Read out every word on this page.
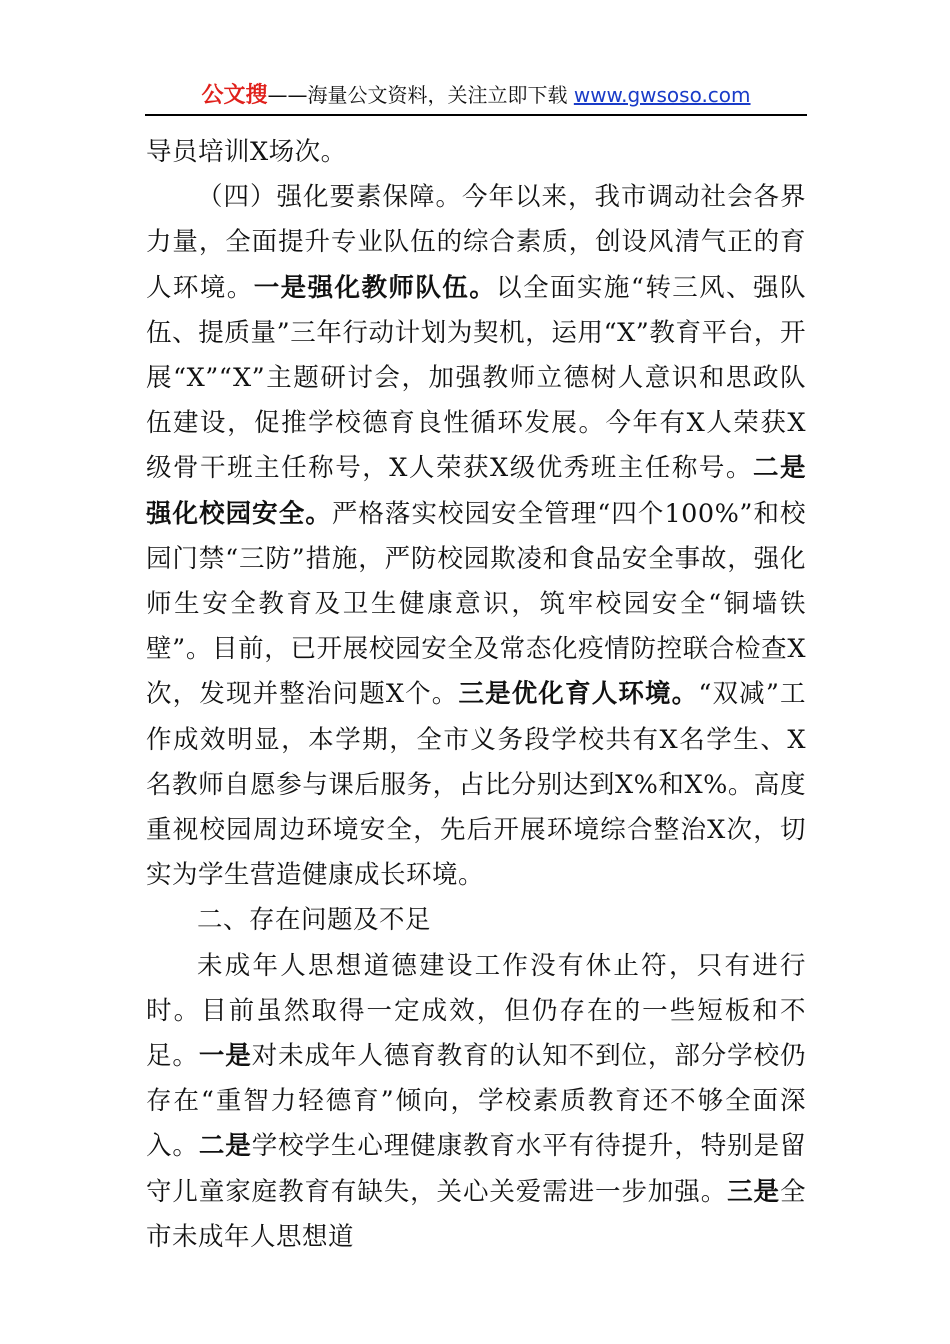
公文搜——海量公文资料，关注立即下载 www.gwsoso.com

导员培训X场次。

（四）强化要素保障。今年以来，我市调动社会各界力量，全面提升专业队伍的综合素质，创设风清气正的育人环境。一是强化教师队伍。以全面实施“转三风、强队伍、提质量”三年行动计划为契机，运用“X”教育平台，开展“X”“X”主题研讨会，加强教师立德树人意识和思政队伍建设，促推学校德育良性循环发展。今年有X人荣获X级骨干班主任称号，X人荣获X级优秀班主任称号。二是强化校园安全。严格落实校园安全管理“四个100%”和校园门禁“三防”措施，严防校园欺凌和食品安全事故，强化师生安全教育及卫生健康意识，筑牢校园安全“铜墙铁壁”。目前，已开展校园安全及常态化疫情防控联合检查X次，发现并整治问题X个。三是优化育人环境。“双减”工作成效明显，本学期，全市义务段学校共有X名学生、X名教师自愿参与课后服务，占比分别达到X%和X%。高度重视校园周边环境安全，先后开展环境综合整治X次，切实为学生营造健康成长环境。

二、存在问题及不足

未成年人思想道德建设工作没有休止符，只有进行时。目前虽然取得一定成效，但仍存在的一些短板和不足。一是对未成年人德育教育的认知不到位，部分学校仍存在“重智力轻德育”倾向，学校素质教育还不够全面深入。二是学校学生心理健康教育水平有待提升，特别是留守儿童家庭教育有缺失，关心关爱需进一步加强。三是全市未成年人思想道
